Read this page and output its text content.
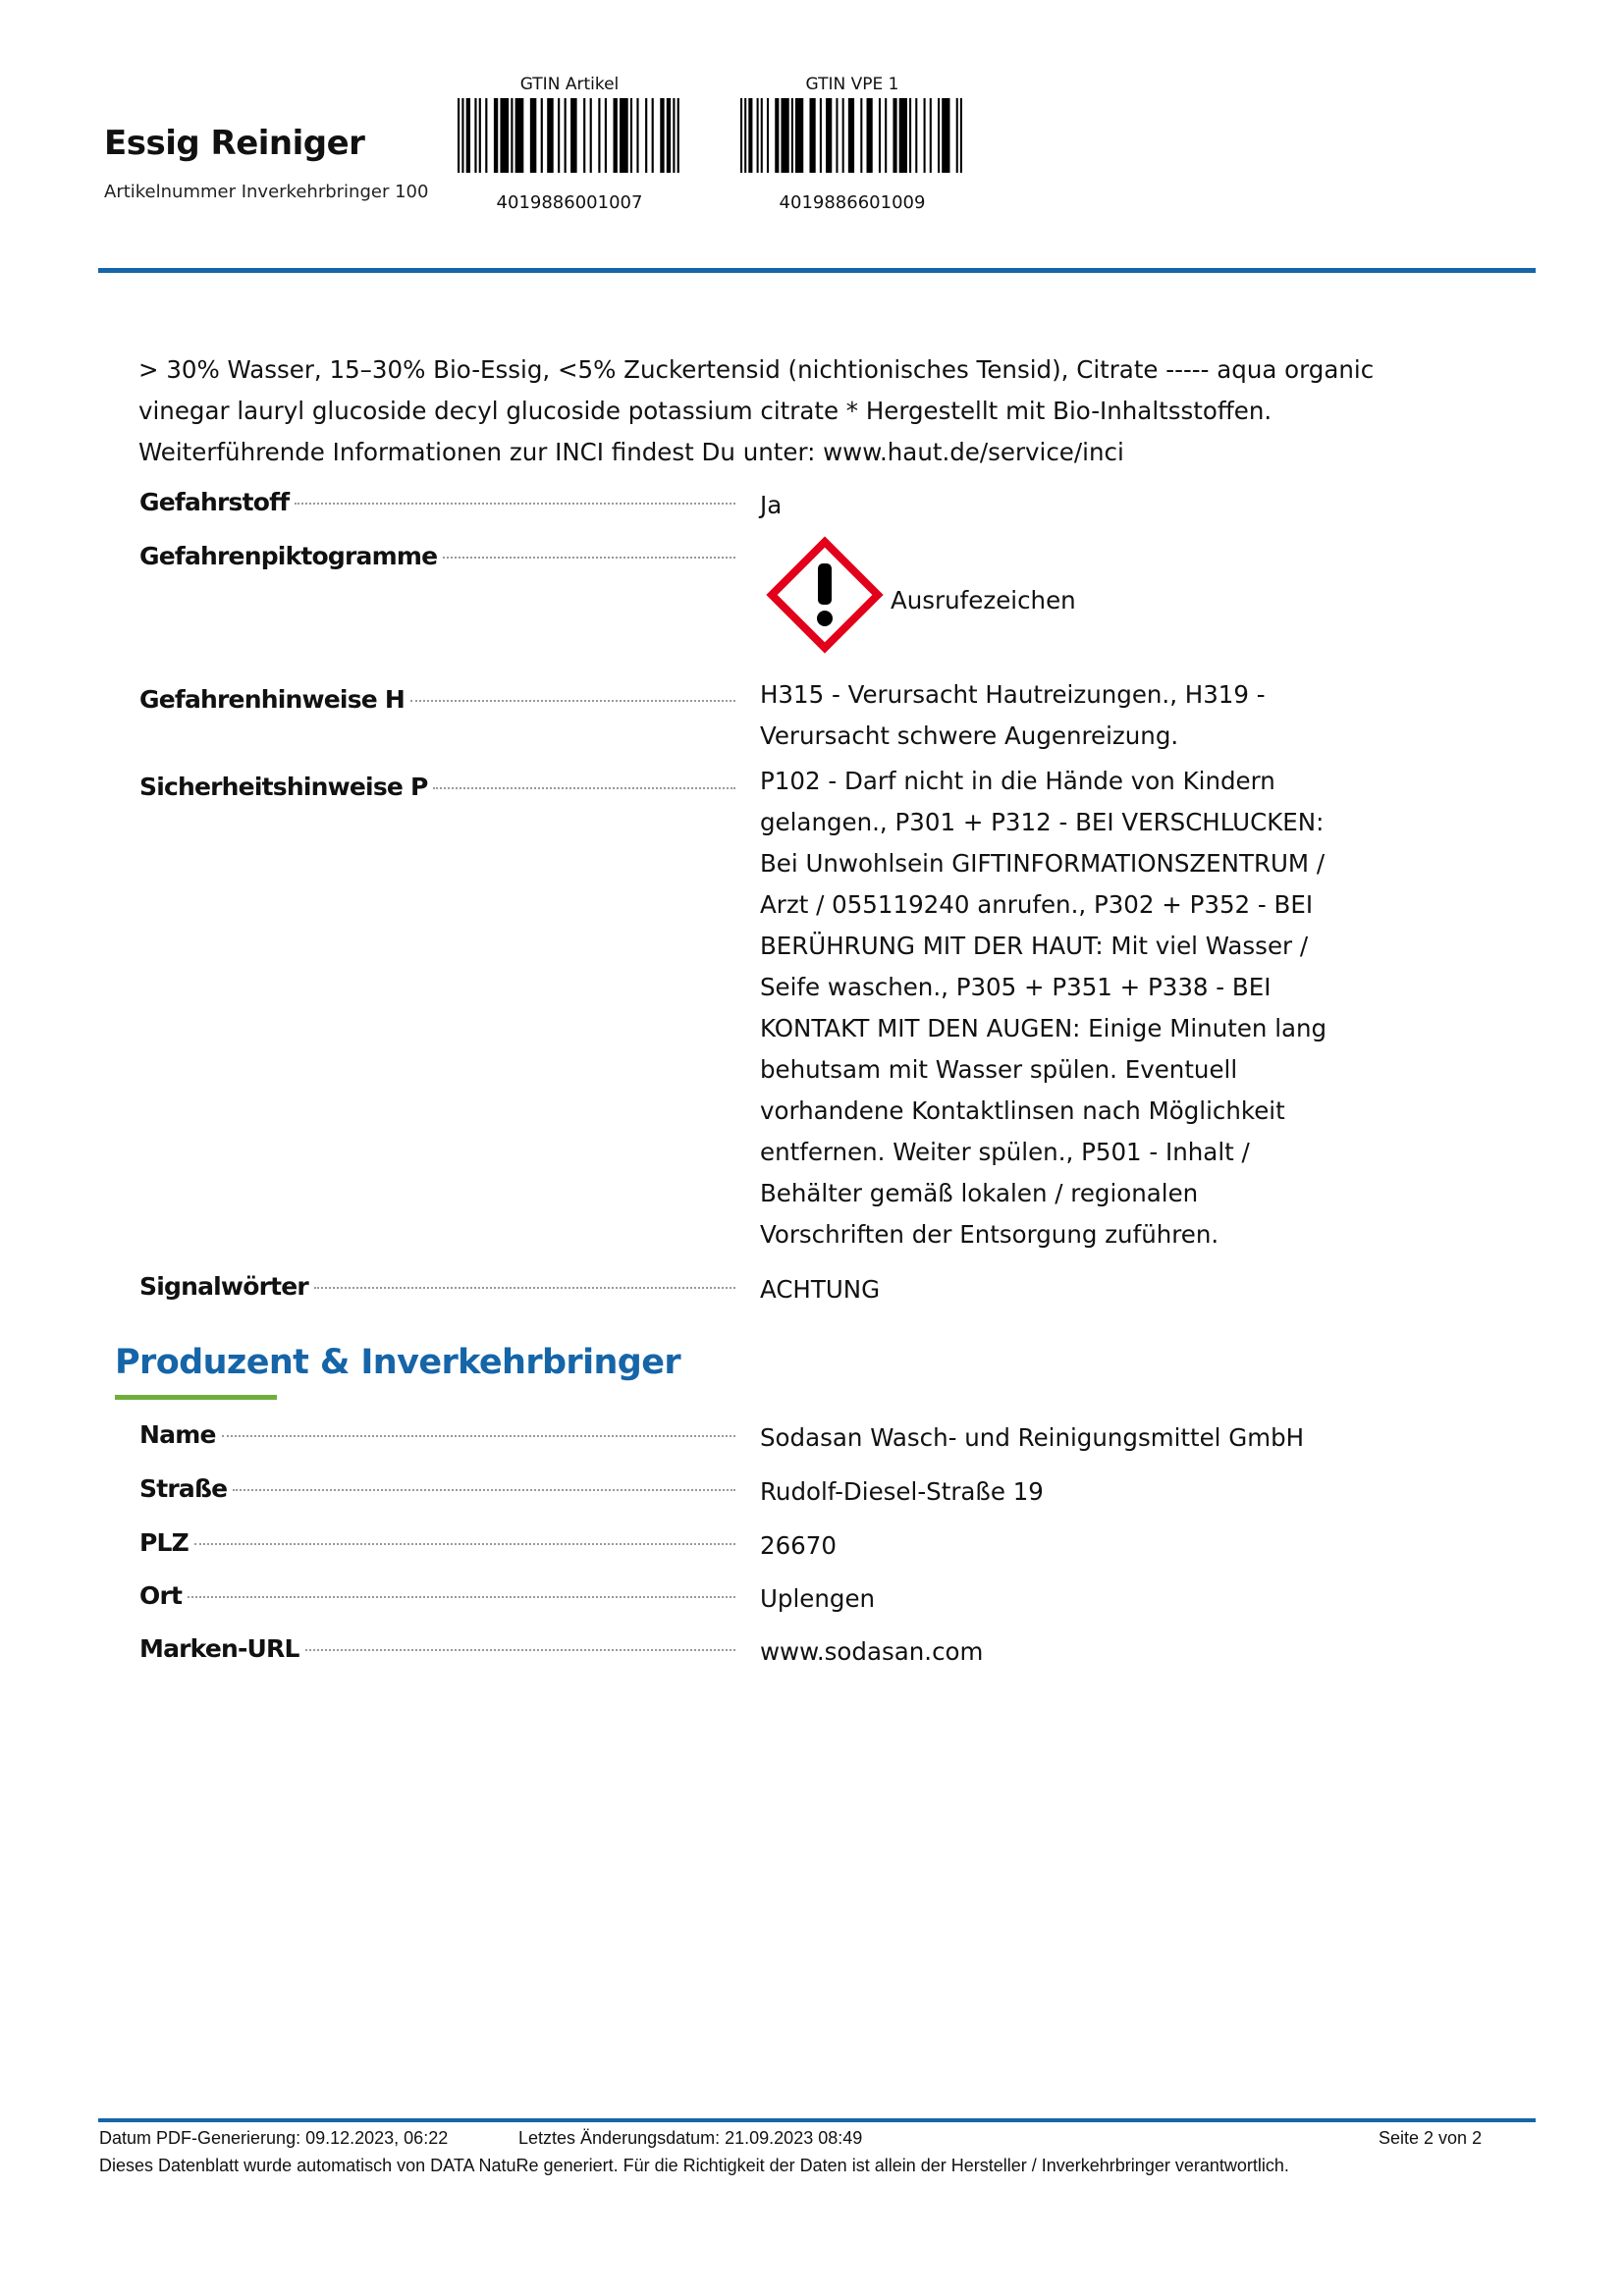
Essig Reiniger
Artikelnummer Inverkehrbringer 100
GTIN Artikel
4019886001007
GTIN VPE 1
4019886601009
> 30% Wasser, 15–30% Bio-Essig, <5% Zuckertensid (nichtionisches Tensid), Citrate ----- aqua organic vinegar lauryl glucoside decyl glucoside potassium citrate * Hergestellt mit Bio-Inhaltsstoffen. Weiterführende Informationen zur INCI findest Du unter: www.haut.de/service/inci
Gefahrstoff	Ja
Gefahrenpiktogramme
Ausrufezeichen
Gefahrenhinweise H	H315 - Verursacht Hautreizungen., H319 - Verursacht schwere Augenreizung.
Sicherheitshinweise P	P102 - Darf nicht in die Hände von Kindern gelangen., P301 + P312 - BEI VERSCHLUCKEN: Bei Unwohlsein GIFTINFORMATIONSZENTRUM / Arzt / 055119240 anrufen., P302 + P352 - BEI BERÜHRUNG MIT DER HAUT: Mit viel Wasser / Seife waschen., P305 + P351 + P338 - BEI KONTAKT MIT DEN AUGEN: Einige Minuten lang behutsam mit Wasser spülen. Eventuell vorhandene Kontaktlinsen nach Möglichkeit entfernen. Weiter spülen., P501 - Inhalt / Behälter gemäß lokalen / regionalen Vorschriften der Entsorgung zuführen.
Signalwörter	ACHTUNG
Produzent & Inverkehrbringer
Name	Sodasan Wasch- und Reinigungsmittel GmbH
Straße	Rudolf-Diesel-Straße 19
PLZ	26670
Ort	Uplengen
Marken-URL	www.sodasan.com
Datum PDF-Generierung: 09.12.2023, 06:22	Letztes Änderungsdatum: 21.09.2023 08:49	Seite 2 von 2
Dieses Datenblatt wurde automatisch von DATA NatuRe generiert. Für die Richtigkeit der Daten ist allein der Hersteller / Inverkehrbringer verantwortlich.
